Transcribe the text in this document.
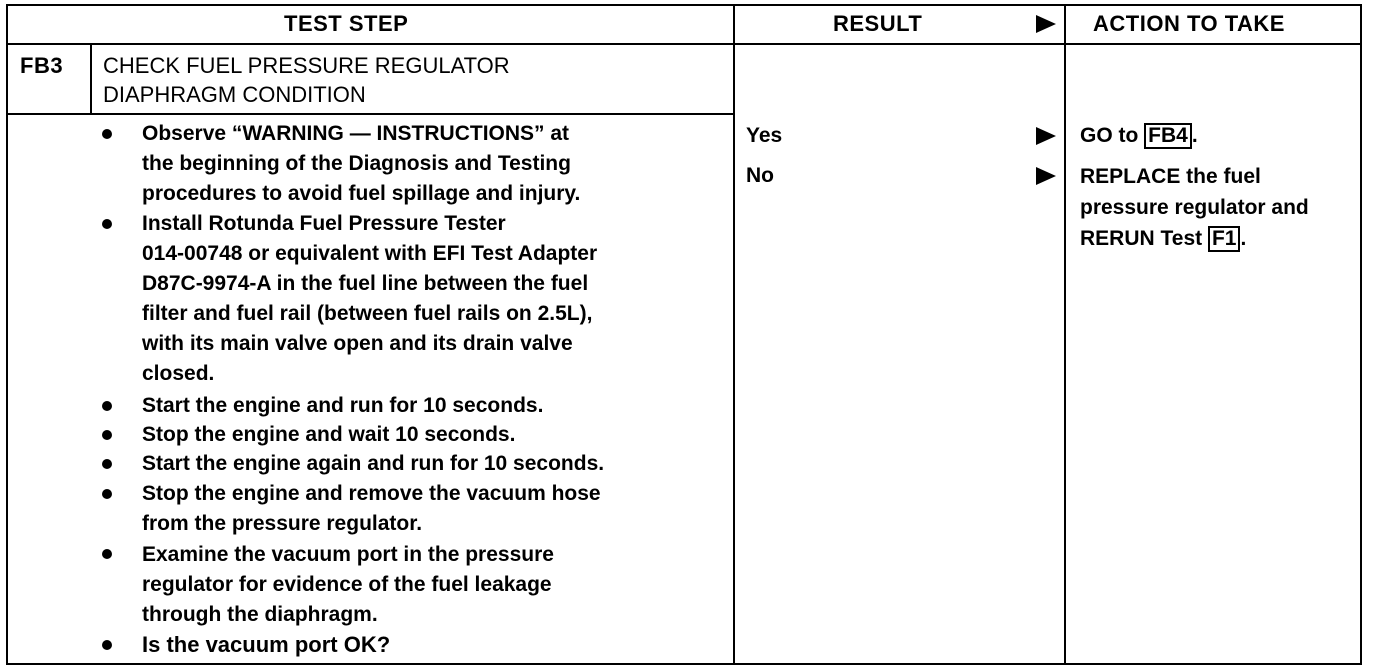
TEST STEP	RESULT	ACTION TO TAKE
FB3 CHECK FUEL PRESSURE REGULATOR
DIAPHRAGM CONDITION
Observe “WARNING — INSTRUCTIONS” at
the beginning of the Diagnosis and Testing
procedures to avoid fuel spillage and injury.
Install Rotunda Fuel Pressure Tester
014-00748 or equivalent with EFI Test Adapter
D87C-9974-A in the fuel line between the fuel
filter and fuel rail (between fuel rails on 2.5L),
with its main valve open and its drain valve
closed.
Start the engine and run for 10 seconds.
Stop the engine and wait 10 seconds.
Start the engine again and run for 10 seconds.
Stop the engine and remove the vacuum hose
from the pressure regulator.
Examine the vacuum port in the pressure
regulator for evidence of the fuel leakage
through the diaphragm.
Is the vacuum port OK?
Yes
No
GO to FB4 .
REPLACE the fuel
pressure regulator and
RERUN Test F1 .
